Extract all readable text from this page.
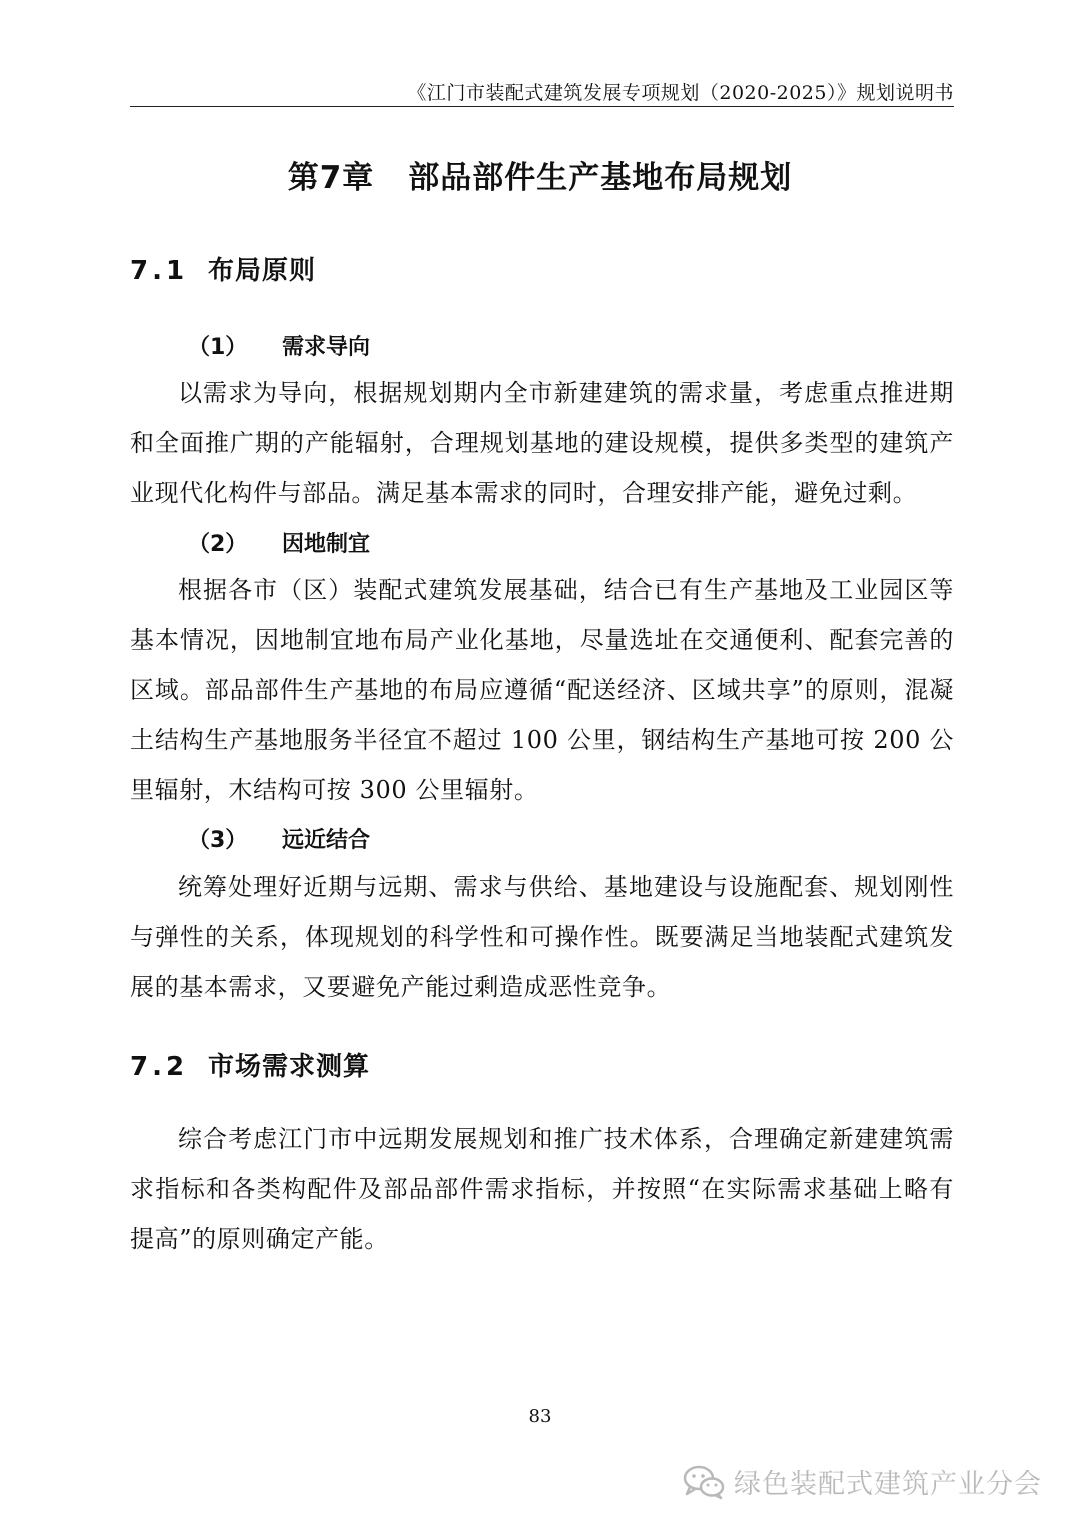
《江门市装配式建筑发展专项规划（2020-2025）》规划说明书
第7章 部品部件生产基地布局规划
7.1 布局原则
（1） 需求导向

以需求为导向，根据规划期内全市新建建筑的需求量，考虑重点推进期和全面推广期的产能辐射，合理规划基地的建设规模，提供多类型的建筑产业现代化构件与部品。满足基本需求的同时，合理安排产能，避免过剩。

（2） 因地制宜

根据各市（区）装配式建筑发展基础，结合已有生产基地及工业园区等基本情况，因地制宜地布局产业化基地，尽量选址在交通便利、配套完善的区域。部品部件生产基地的布局应遵循“配送经济、区域共享”的原则，混凝土结构生产基地服务半径宜不超过 100 公里，钢结构生产基地可按 200 公里辐射，木结构可按 300 公里辐射。

（3） 远近结合

统筹处理好近期与远期、需求与供给、基地建设与设施配套、规划刚性与弹性的关系，体现规划的科学性和可操作性。既要满足当地装配式建筑发展的基本需求，又要避免产能过剩造成恶性竞争。

7.2 市场需求测算

综合考虑江门市中远期发展规划和推广技术体系，合理确定新建建筑需求指标和各类构配件及部品部件需求指标，并按照“在实际需求基础上略有提高”的原则确定产能。

83
绿色装配式建筑产业分会
